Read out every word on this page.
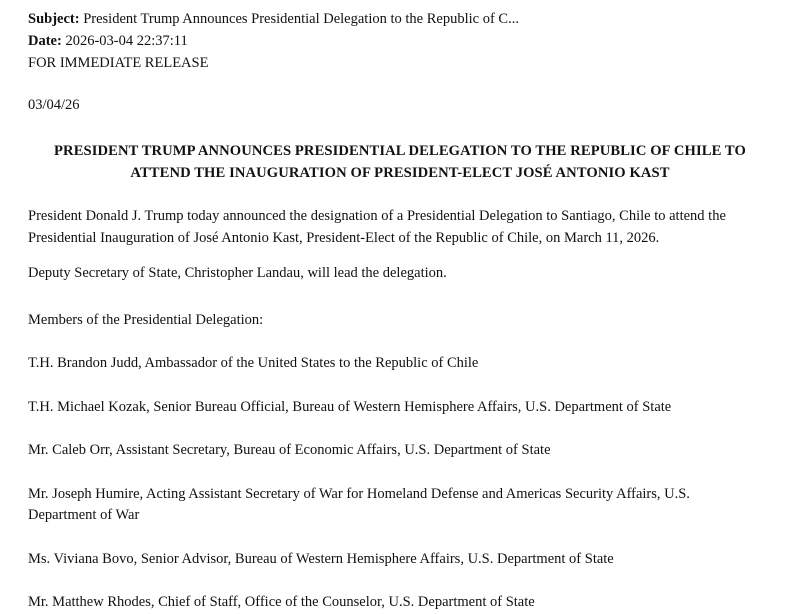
Subject: President Trump Announces Presidential Delegation to the Republic of C...
Date: 2026-03-04 22:37:11
FOR IMMEDIATE RELEASE
03/04/26
PRESIDENT TRUMP ANNOUNCES PRESIDENTIAL DELEGATION TO THE REPUBLIC OF CHILE TO ATTEND THE INAUGURATION OF PRESIDENT-ELECT JOSÉ ANTONIO KAST
President Donald J. Trump today announced the designation of a Presidential Delegation to Santiago, Chile to attend the Presidential Inauguration of José Antonio Kast, President-Elect of the Republic of Chile, on March 11, 2026.
Deputy Secretary of State, Christopher Landau, will lead the delegation.
Members of the Presidential Delegation:
T.H. Brandon Judd, Ambassador of the United States to the Republic of Chile
T.H. Michael Kozak, Senior Bureau Official, Bureau of Western Hemisphere Affairs, U.S. Department of State
Mr. Caleb Orr, Assistant Secretary, Bureau of Economic Affairs, U.S. Department of State
Mr. Joseph Humire, Acting Assistant Secretary of War for Homeland Defense and Americas Security Affairs, U.S. Department of War
Ms. Viviana Bovo, Senior Advisor, Bureau of Western Hemisphere Affairs, U.S. Department of State
Mr. Matthew Rhodes, Chief of Staff, Office of the Counselor, U.S. Department of State
